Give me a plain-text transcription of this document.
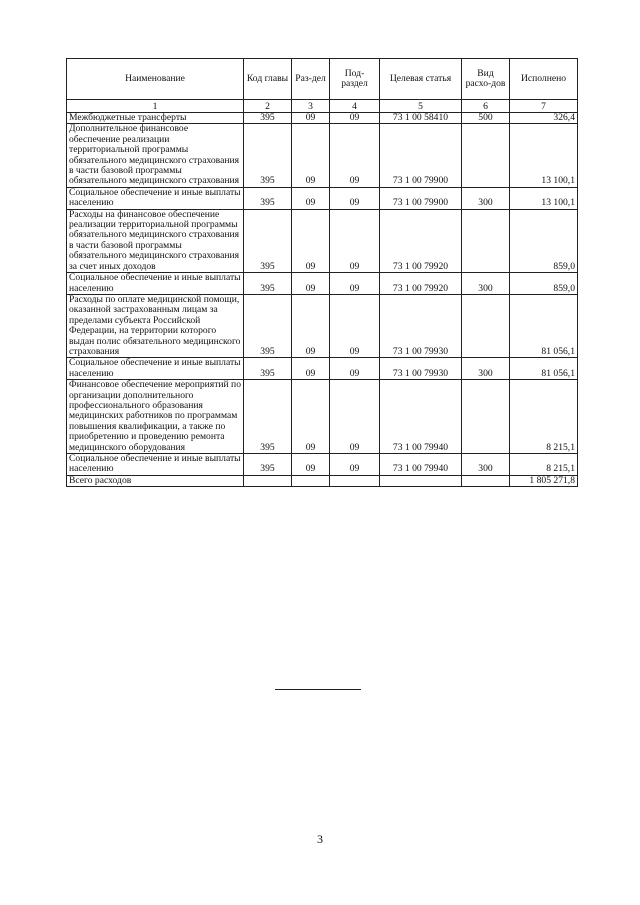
Наименование	Код главы	Раз-дел	Под-раздел	Целевая статья	Вид расхо-дов	Исполнено
1	2	3	4	5	6	7
Межбюджетные трансферты	395	09	09	73 1 00 58410	500	326,4
Дополнительное финансовое обеспечение реализации территориальной программы обязательного медицинского страхования в части базовой программы обязательного медицинского страхования	395	09	09	73 1 00 79900		13 100,1
Социальное обеспечение и иные выплаты населению	395	09	09	73 1 00 79900	300	13 100,1
Расходы на финансовое обеспечение реализации территориальной программы обязательного медицинского страхования в части базовой программы обязательного медицинского страхования за счет иных доходов	395	09	09	73 1 00 79920		859,0
Социальное обеспечение и иные выплаты населению	395	09	09	73 1 00 79920	300	859,0
Расходы по оплате медицинской помощи, оказанной застрахованным лицам за пределами субъекта Российской Федерации, на территории которого выдан полис обязательного медицинского страхования	395	09	09	73 1 00 79930		81 056,1
Социальное обеспечение и иные выплаты населению	395	09	09	73 1 00 79930	300	81 056,1
Финансовое обеспечение мероприятий по организации дополнительного профессионального образования медицинских работников по программам повышения квалификации, а также по приобретению и проведению ремонта медицинского оборудования	395	09	09	73 1 00 79940		8 215,1
Социальное обеспечение и иные выплаты населению	395	09	09	73 1 00 79940	300	8 215,1
Всего расходов						1 805 271,8
3
